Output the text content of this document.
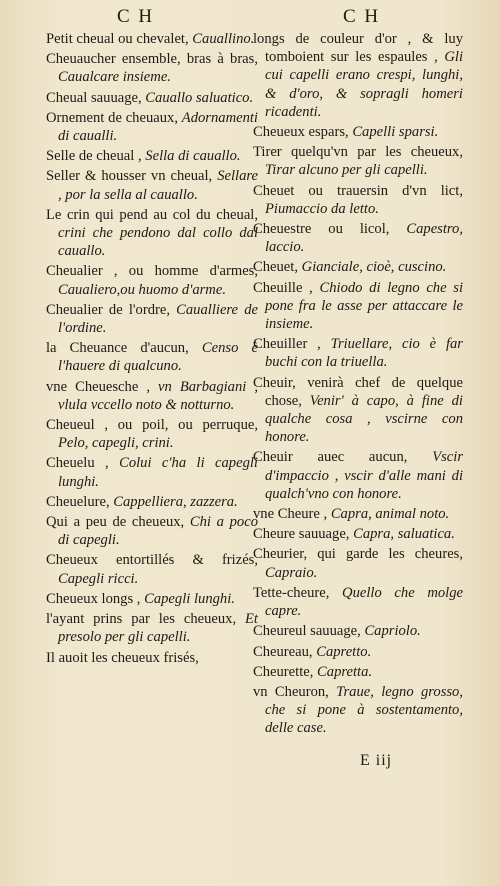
C H	C H
Petit cheual ou chevalet, Cauallino.
Cheuaucher ensemble, bras à bras, Caualcare insieme.
Cheual sauuage, Cauallo saluatico.
Ornement de cheuaux, Adornamenti di caualli.
Selle de cheual , Sella di cauallo.
Seller & housser vn cheual, Sellare , por la sella al cauallo.
Le crin qui pend au col du cheual, crini che pendono dal collo dal cauallo.
Cheualier , ou homme d'armes, Caualiero,ou huomo d'arme.
Cheualier de l'ordre, Caualliere de l'ordine.
la Cheuance d'aucun, Censo è l'hauere di qualcuno.
vne Cheuesche , vn Barbagiani , vlula vccello noto & notturno.
Cheueul , ou poil, ou perruque, Pelo, capegli, crini.
Cheuelu , Colui c'ha li capegli lunghi.
Cheuelure, Cappelliera, zazzera.
Qui a peu de cheueux, Chi a poco di capegli.
Cheueux entortillés & frizés, Capegli ricci.
Cheueux longs , Capegli lunghi.
l'ayant prins par les cheueux, Et presolo per gli capelli.
Il auoit les cheueux frisés,
longs de couleur d'or , & luy tomboient sur les espaules , Gli cui capelli erano crespi, lunghi, & d'oro, & sopragli homeri ricadenti.
Cheueux espars, Capelli sparsi.
Tirer quelqu'vn par les cheueux, Tirar alcuno per gli capelli.
Cheuet ou trauersin d'vn lict, Piumaccio da letto.
Cheuestre ou licol, Capestro, laccio.
Cheuet, Gianciale, cioè, cuscino.
Cheuille , Chiodo di legno che si pone fra le asse per attaccare le insieme.
Cheuiller , Triuellare, cio è far buchi con la triuella.
Cheuir, venirà chef de quelque chose, Venir' à capo, à fine di qualche cosa , vscirne con honore.
Cheuir auec aucun, Vscir d'impaccio , vscir d'alle mani di qualch'vno con honore.
vne Cheure , Capra, animal noto.
Cheure sauuage, Capra, saluatica.
Cheurier, qui garde les cheures, Capraio.
Tette-cheure, Quello che molge capre.
Cheureul sauuage, Capriolo.
Cheureau, Capretto.
Cheurette, Capretta.
vn Cheuron, Traue, legno grosso, che si pone à sostentamento, delle case.
E iij
